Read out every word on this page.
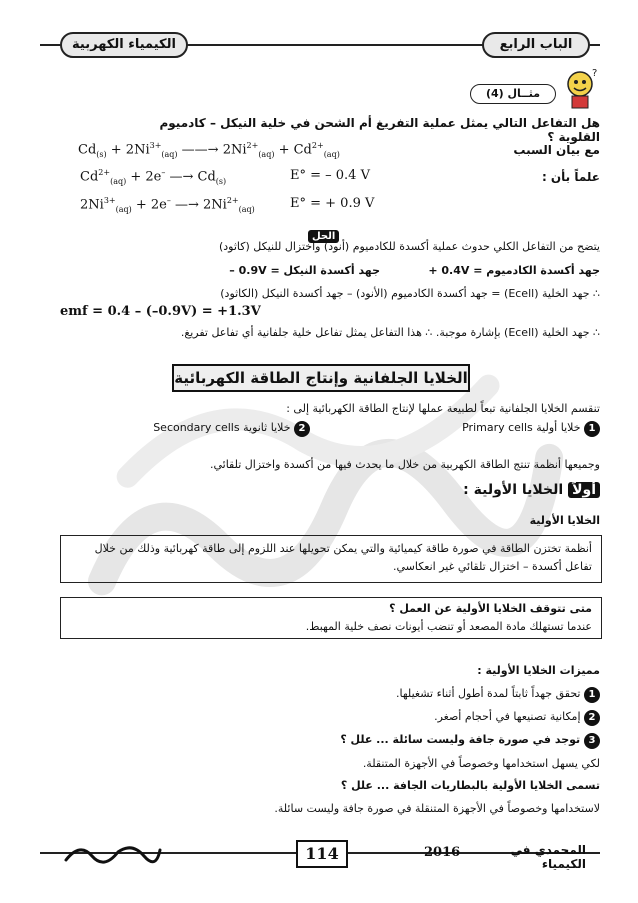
الباب الرابع
الكيمياء الكهربية
?
مثــال (4)
هل التفاعل التالي يمثل عملية التفريغ أم الشحن في خلية النيكل – كادميوم القلوية ؟
مع بيان السبب
$Cd_{(s)} + 2Ni^{3+}_{(aq)}$ ——→ $2Ni^{2+}_{(aq)} + Cd^{2+}_{(aq)}$
علماً بأن :
$Cd^{2+}_{(aq)} + 2e^-$ —→ $Cd_{(s)}$	E° = – 0.4 V
$2Ni^{3+}_{(aq)} + 2e^-$ —→ $2Ni^{2+}_{(aq)}$	E° = + 0.9 V
الحل
يتضح من التفاعل الكلي حدوث عملية أكسدة للكادميوم (أنود) واختزال للنيكل (كاثود)
جهد أكسدة الكادميوم = 0.4V +
جهد أكسدة النيكل = 0.9V –
∴ جهد الخلية (Ecell) = جهد أكسدة الكادميوم (الأنود) – جهد أكسدة النيكل (الكاثود)
emf = 0.4 – (–0.9V) = +1.3V
∴ جهد الخلية (Ecell) بإشارة موجبة. ∴ هذا التفاعل يمثل تفاعل خلية جلفانية أي تفاعل تفريغ.
الخلايا الجلفانية وإنتاج الطاقة الكهربائية
تنقسم الخلايا الجلفانية تبعاً لطبيعة عملها لإنتاج الطاقة الكهربائية إلى :
1 خلايا أولية Primary cells
2 خلايا ثانوية Secondary cells
وجميعها أنظمة تنتج الطاقة الكهربية من خلال ما يحدث فيها من أكسدة واختزال تلقائي.
أولاً الخلايا الأولية :
الخلايا الأولية
أنظمة تختزن الطاقة في صورة طاقة كيميائية والتي يمكن تحويلها عند اللزوم إلى طاقة كهربائية وذلك من خلال تفاعل أكسدة – اختزال تلقائي غير انعكاسي.
متى تتوقف الخلايا الأولية عن العمل ؟
عندما تستهلك مادة المصعد أو تنضب أيونات نصف خلية المهبط.
مميزات الخلايا الأولية :
1 تحقق جهداً ثابتاً لمدة أطول أثناء تشغيلها.
2 إمكانية تصنيعها في أحجام أصغر.
3 توجد في صورة جافة وليست سائلة ... علل ؟
لكي يسهل استخدامها وخصوصاً في الأجهزة المتنقلة.
تسمى الخلايا الأولية بالبطاريات الجافة ... علل ؟
لاستخدامها وخصوصاً في الأجهزة المتنقلة في صورة جافة وليست سائلة.
114	2016	المحمدي في الكيمياء
